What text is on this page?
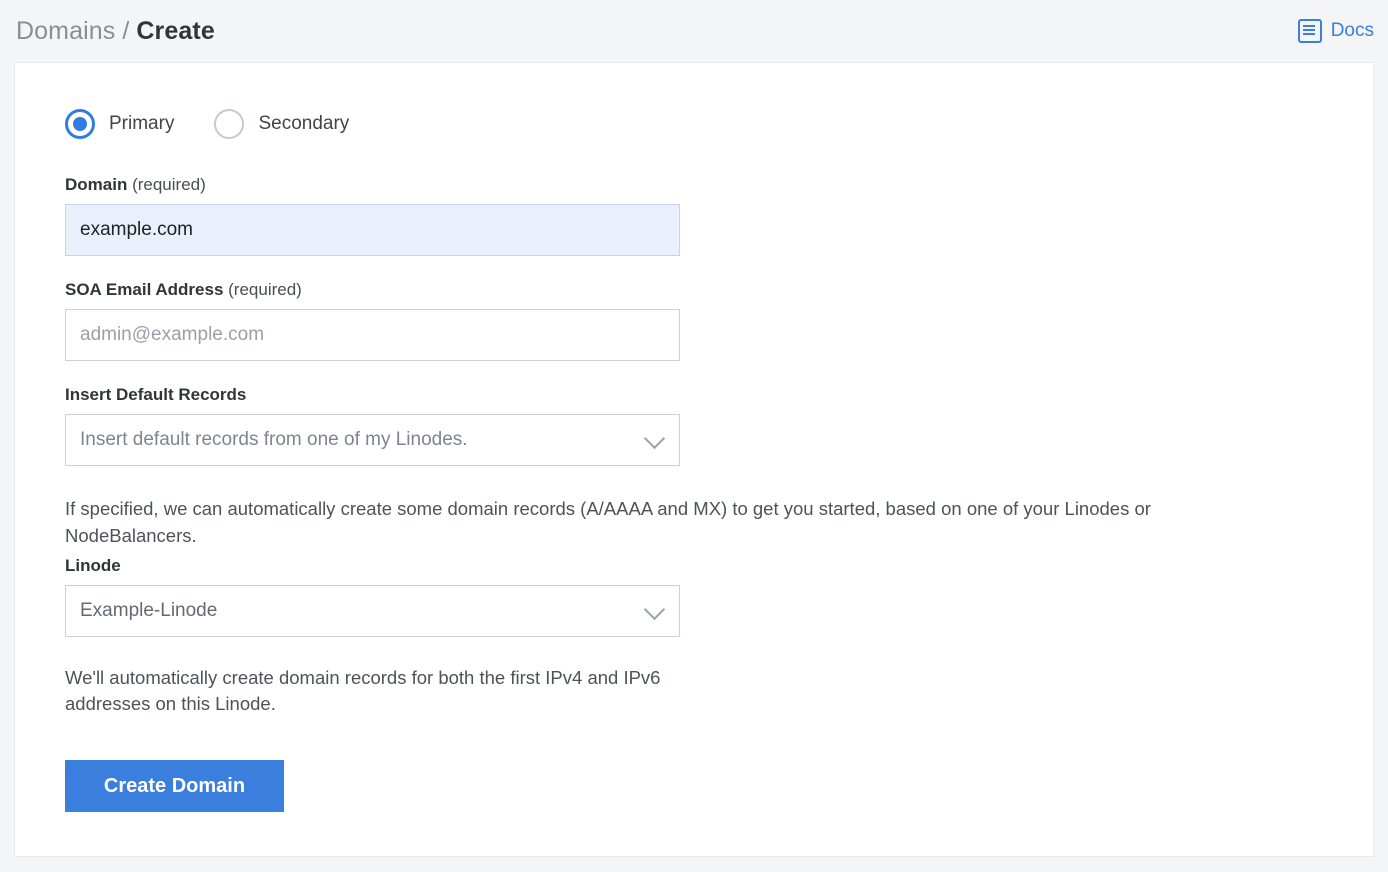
Domains / Create	Docs
Primary	Secondary
Domain (required)
example.com
SOA Email Address (required)
admin@example.com
Insert Default Records
Insert default records from one of my Linodes.
If specified, we can automatically create some domain records (A/AAAA and MX) to get you started, based on one of your Linodes or NodeBalancers.
Linode
Example-Linode
We'll automatically create domain records for both the first IPv4 and IPv6 addresses on this Linode.
Create Domain
